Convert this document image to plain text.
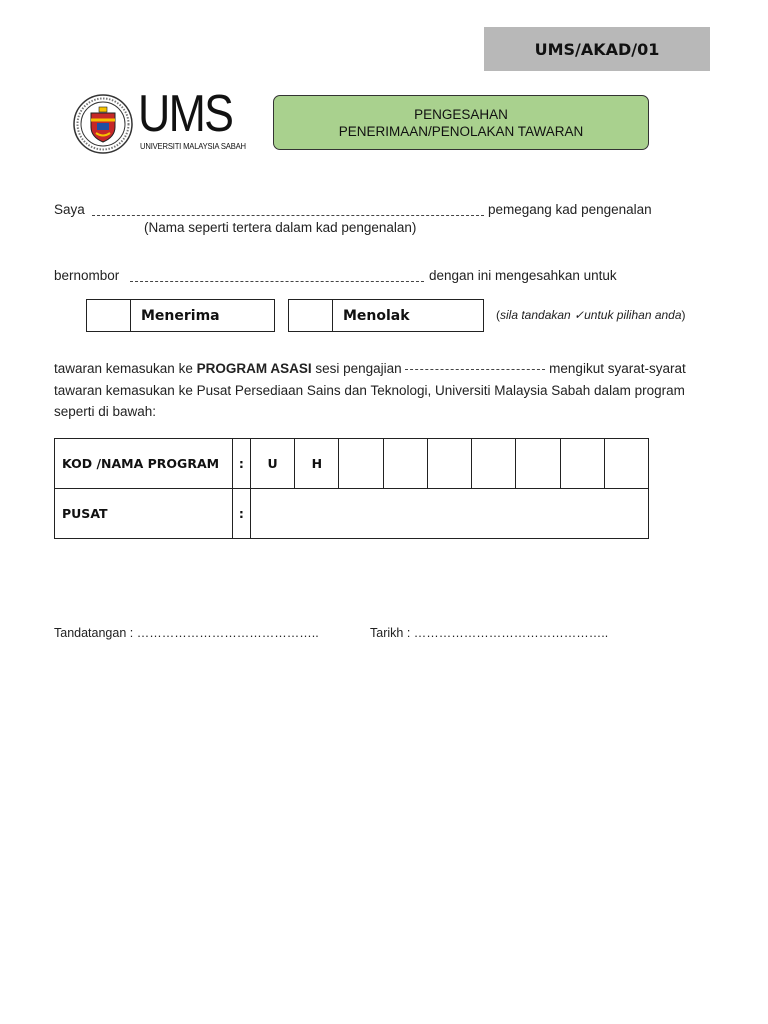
UMS/AKAD/01
UMS
UNIVERSITI MALAYSIA SABAH
PENGESAHAN
PENERIMAAN/PENOLAKAN TAWARAN
Saya	pemegang kad pengenalan
(Nama seperti tertera dalam kad pengenalan)
bernombor	dengan ini mengesahkan untuk
Menerima	Menolak	(sila tandakan ✓untuk pilihan anda)
tawaran kemasukan ke PROGRAM ASASI sesi pengajian	mengikut syarat-syarat tawaran kemasukan ke Pusat Persediaan Sains dan Teknologi, Universiti Malaysia Sabah dalam program seperti di bawah:
KOD /NAMA PROGRAM	:	U	H							
PUSAT	:									
Tandatangan : ……………………………………..	Tarikh : ………………………………………..
